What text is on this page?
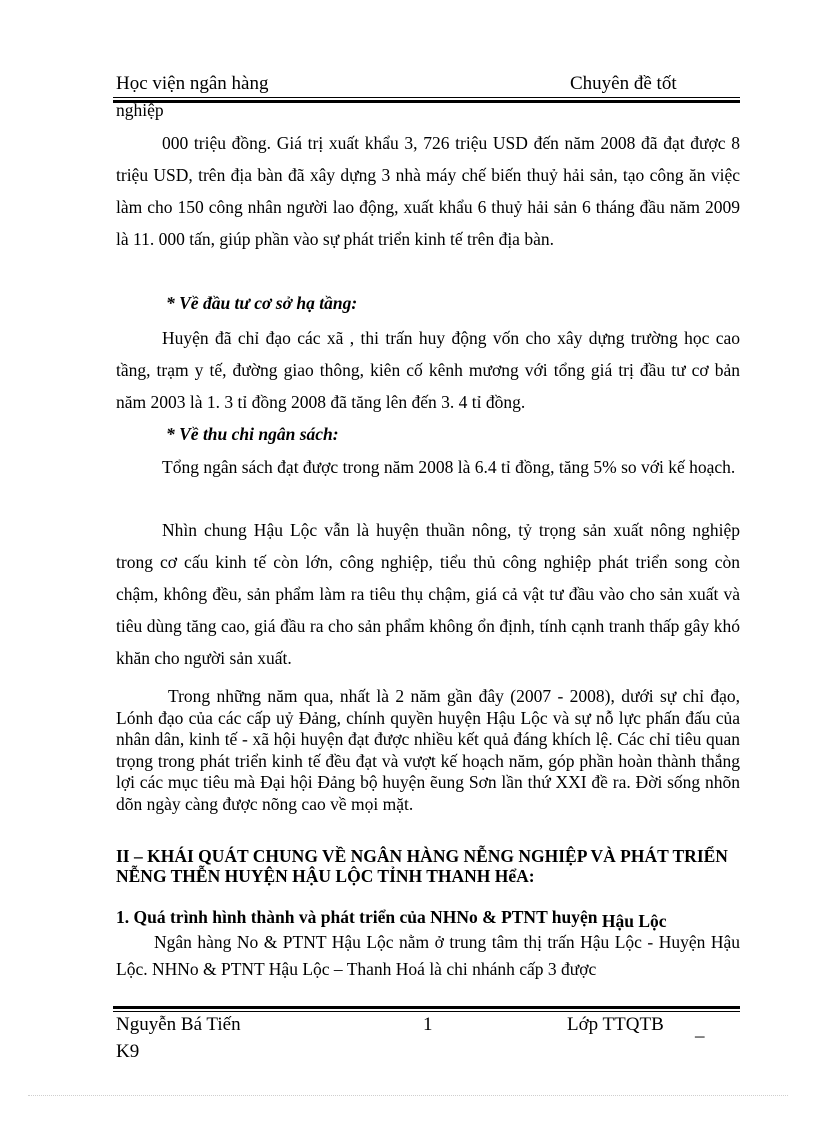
Học viện ngân hàng	Chuyên đề tốt
nghiệp
000 triệu đồng. Giá trị xuất khẩu 3, 726 triệu USD đến năm 2008 đã đạt được 8 triệu USD, trên địa bàn đã xây dựng 3 nhà máy chế biến thuỷ hải sản, tạo công ăn việc làm cho 150 công nhân người lao động, xuất khẩu 6 thuỷ hải sản 6 tháng đầu năm 2009 là 11. 000 tấn, giúp phần vào sự phát triển kinh tế trên địa bàn.
* Về đầu tư cơ sở hạ tầng:
Huyện đã chỉ đạo các xã , thi trấn huy động vốn cho xây dựng trường học cao tầng, trạm y tế, đường giao thông, kiên cố kênh mương với tổng giá trị đầu tư cơ bản năm 2003 là 1. 3 tỉ đồng 2008 đã tăng lên đến 3. 4 tỉ đồng.
* Về thu chi ngân sách:
Tổng ngân sách đạt được trong năm 2008 là 6.4 tỉ đồng, tăng 5% so với kế hoạch.
Nhìn chung Hậu Lộc vẫn là huyện thuần nông, tỷ trọng sản xuất nông nghiệp trong cơ cấu kinh tế còn lớn, công nghiệp, tiểu thủ công nghiệp phát triển song còn chậm, không đều, sản phẩm làm ra tiêu thụ chậm, giá cả vật tư đầu vào cho sản xuất và tiêu dùng tăng cao, giá đầu ra cho sản phẩm không ổn định, tính cạnh tranh thấp gây khó khăn cho người sản xuất.
Trong những năm qua, nhất là 2 năm gần đây (2007 - 2008), dưới sự chỉ đạo, Lónh đạo của các cấp uỷ Đảng, chính quyền huyện Hậu Lộc và sự nỗ lực phấn đấu của nhân dân, kinh tế - xã hội huyện đạt được nhiều kết quả đáng khích lệ. Các chỉ tiêu quan trọng trong phát triển kinh tế đều đạt và vượt kế hoạch năm, góp phần hoàn thành thắng lợi các mục tiêu mà Đại hội Đảng bộ huyện ẽung Sơn lần thứ XXI đề ra. Đời sống nhõn dõn ngày càng được nõng cao về mọi mặt.
II – KHÁI QUÁT CHUNG VỀ NGÂN HÀNG NỄNG NGHIỆP VÀ PHÁT TRIỂN NỄNG THỄN HUYỆN HẬU LỘC TỈNH THANH HểA:
1. Quá trình hình thành và phát triển của NHNo & PTNT huyện Hậu Lộc
Ngân hàng No & PTNT Hậu Lộc nằm ở trung tâm thị trấn Hậu Lộc - Huyện Hậu Lộc. NHNo & PTNT Hậu Lộc – Thanh Hoá là chi nhánh cấp 3 được
Nguyễn Bá Tiến
K9
1	Lớp TTQTB _
